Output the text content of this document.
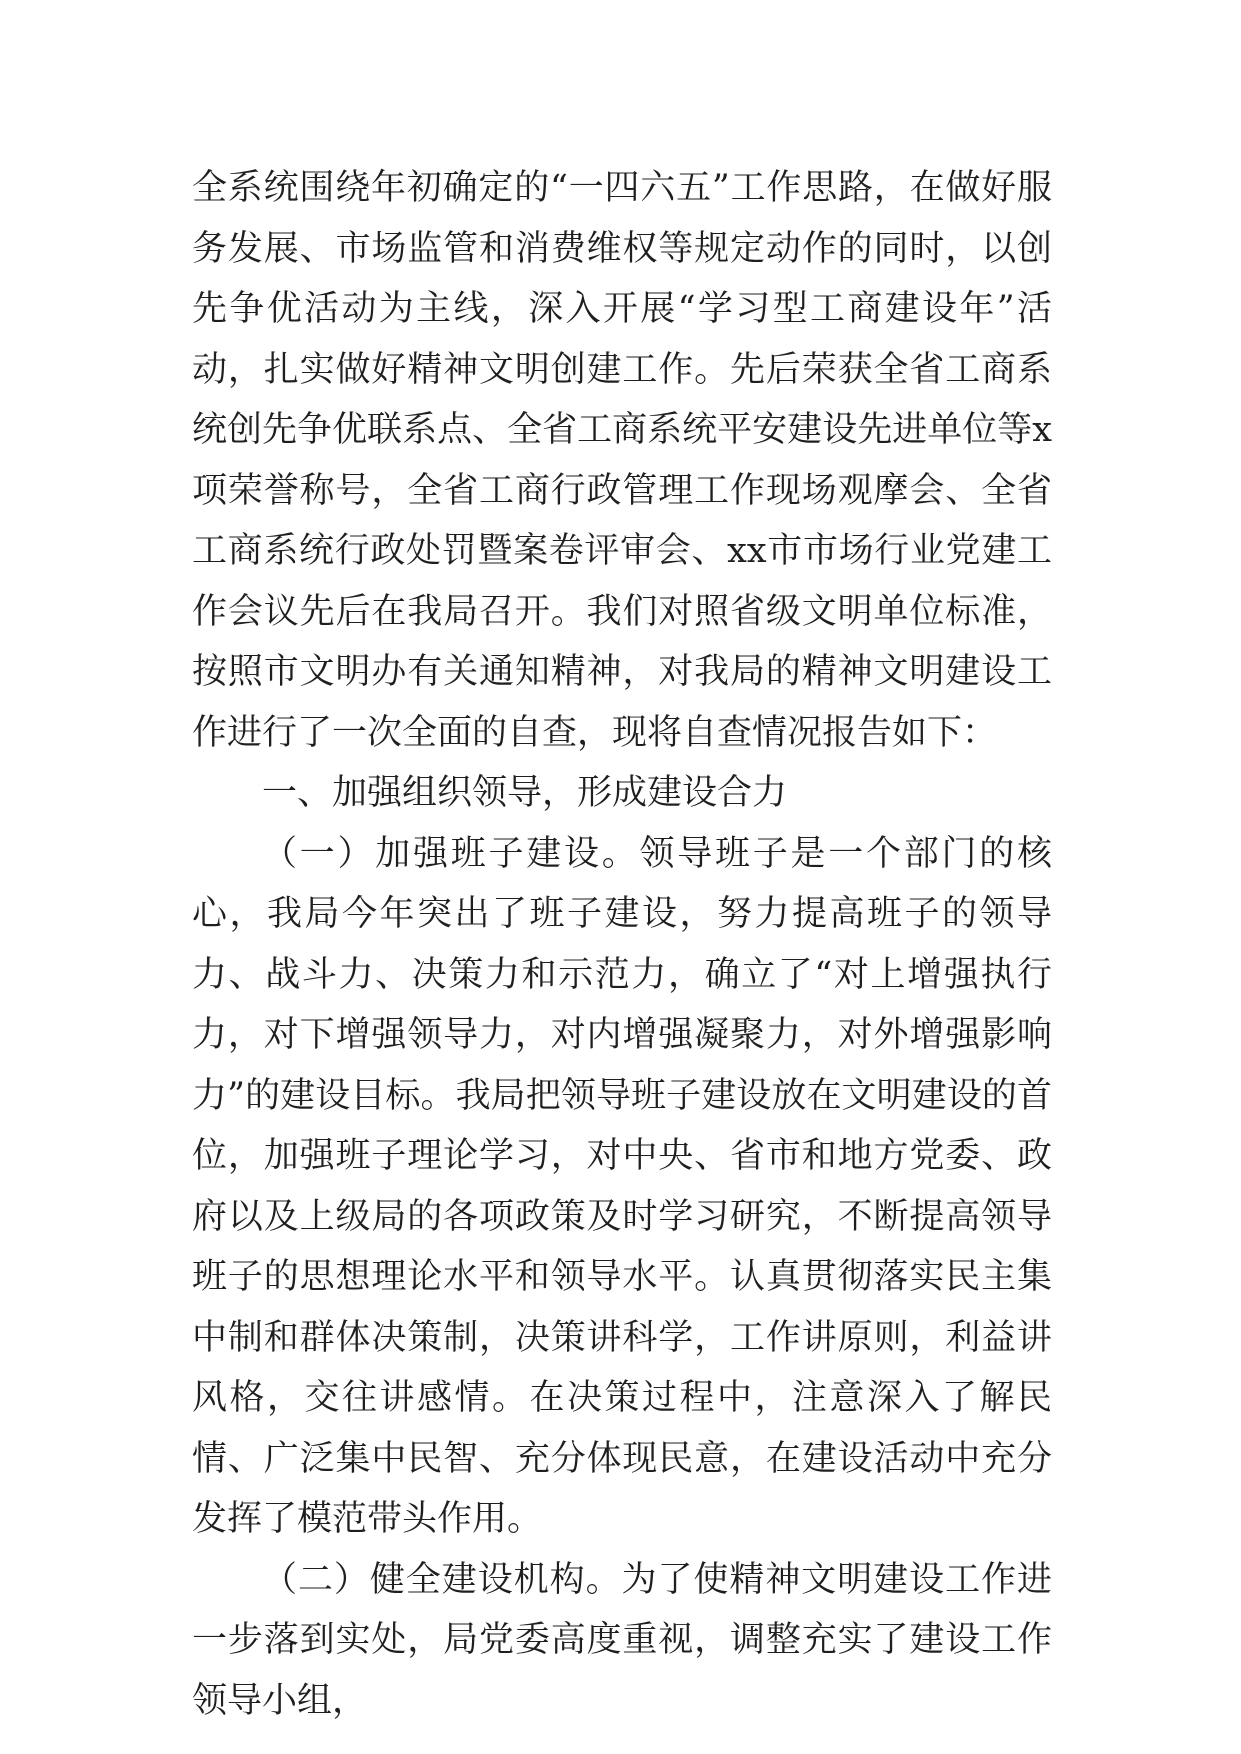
全系统围绕年初确定的“一四六五”工作思路，在做好服务发展、市场监管和消费维权等规定动作的同时，以创先争优活动为主线，深入开展“学习型工商建设年”活动，扎实做好精神文明创建工作。先后荣获全省工商系统创先争优联系点、全省工商系统平安建设先进单位等x项荣誉称号，全省工商行政管理工作现场观摩会、全省工商系统行政处罚暨案卷评审会、xx市市场行业党建工作会议先后在我局召开。我们对照省级文明单位标准，按照市文明办有关通知精神，对我局的精神文明建设工作进行了一次全面的自查，现将自查情况报告如下：

一、加强组织领导，形成建设合力

（一）加强班子建设。领导班子是一个部门的核心，我局今年突出了班子建设，努力提高班子的领导力、战斗力、决策力和示范力，确立了“对上增强执行力，对下增强领导力，对内增强凝聚力，对外增强影响力”的建设目标。我局把领导班子建设放在文明建设的首位，加强班子理论学习，对中央、省市和地方党委、政府以及上级局的各项政策及时学习研究，不断提高领导班子的思想理论水平和领导水平。认真贯彻落实民主集中制和群体决策制，决策讲科学，工作讲原则，利益讲风格，交往讲感情。在决策过程中，注意深入了解民情、广泛集中民智、充分体现民意，在建设活动中充分发挥了模范带头作用。

（二）健全建设机构。为了使精神文明建设工作进一步落到实处，局党委高度重视，调整充实了建设工作领导小组，
